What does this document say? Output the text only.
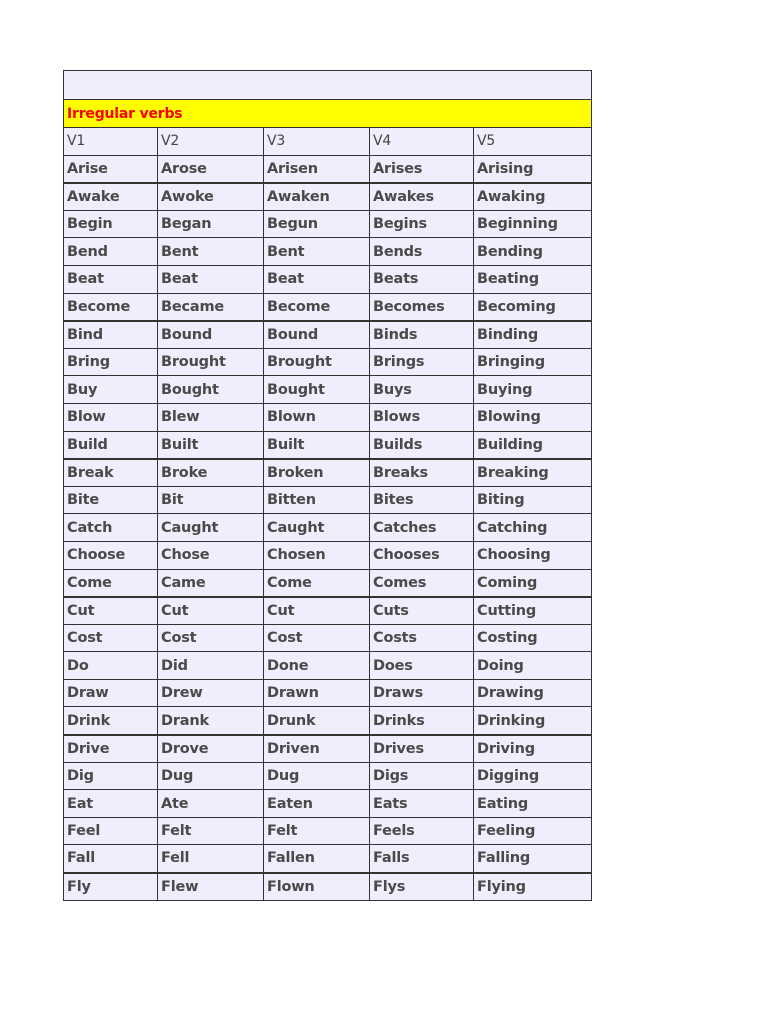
Irregular verbs				
V1	V2	V3	V4	V5
Arise	Arose	Arisen	Arises	Arising
Awake	Awoke	Awaken	Awakes	Awaking
Begin	Began	Begun	Begins	Beginning
Bend	Bent	Bent	Bends	Bending
Beat	Beat	Beat	Beats	Beating
Become	Became	Become	Becomes	Becoming
Bind	Bound	Bound	Binds	Binding
Bring	Brought	Brought	Brings	Bringing
Buy	Bought	Bought	Buys	Buying
Blow	Blew	Blown	Blows	Blowing
Build	Built	Built	Builds	Building
Break	Broke	Broken	Breaks	Breaking
Bite	Bit	Bitten	Bites	Biting
Catch	Caught	Caught	Catches	Catching
Choose	Chose	Chosen	Chooses	Choosing
Come	Came	Come	Comes	Coming
Cut	Cut	Cut	Cuts	Cutting
Cost	Cost	Cost	Costs	Costing
Do	Did	Done	Does	Doing
Draw	Drew	Drawn	Draws	Drawing
Drink	Drank	Drunk	Drinks	Drinking
Drive	Drove	Driven	Drives	Driving
Dig	Dug	Dug	Digs	Digging
Eat	Ate	Eaten	Eats	Eating
Feel	Felt	Felt	Feels	Feeling
Fall	Fell	Fallen	Falls	Falling
Fly	Flew	Flown	Flys	Flying
